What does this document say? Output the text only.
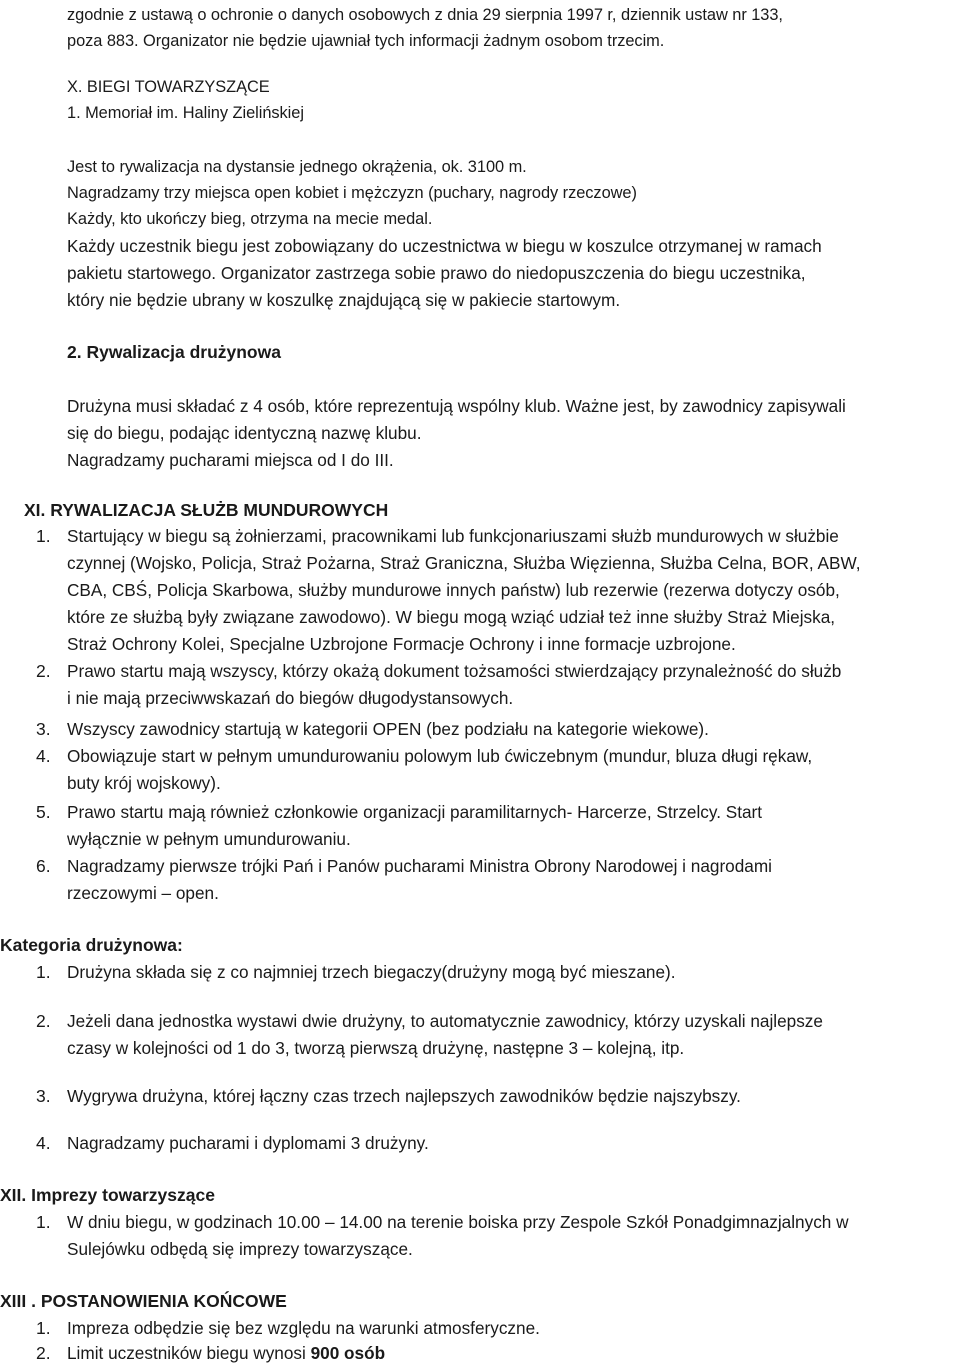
zgodnie z ustawą o ochronie o danych osobowych z dnia 29 sierpnia 1997 r, dziennik ustaw nr 133,
poza 883. Organizator nie będzie ujawniał tych informacji żadnym osobom trzecim.
X. BIEGI TOWARZYSZĄCE
1. Memoriał im. Haliny Zielińskiej
Jest to rywalizacja na dystansie jednego okrążenia, ok. 3100 m.
Nagradzamy trzy miejsca open kobiet i mężczyzn (puchary, nagrody rzeczowe)
Każdy, kto ukończy bieg, otrzyma na mecie medal.
Każdy uczestnik biegu jest zobowiązany do uczestnictwa w biegu w koszulce otrzymanej w ramach
pakietu startowego. Organizator zastrzega sobie prawo do niedopuszczenia do biegu uczestnika,
który nie będzie ubrany w koszulkę znajdującą się w pakiecie startowym.
2. Rywalizacja drużynowa
Drużyna musi składać z 4 osób, które reprezentują wspólny klub. Ważne jest, by zawodnicy zapisywali
się do biegu, podając identyczną nazwę klubu.
Nagradzamy pucharami miejsca od I do III.
XI. RYWALIZACJA SŁUŻB MUNDUROWYCH
1. Startujący w biegu są żołnierzami, pracownikami lub funkcjonariuszami służb mundurowych w służbie
czynnej (Wojsko, Policja, Straż Pożarna, Straż Graniczna, Służba Więzienna, Służba Celna, BOR, ABW,
CBA, CBŚ, Policja Skarbowa, służby mundurowe innych państw) lub rezerwie (rezerwa dotyczy osób,
które ze służbą były związane zawodowo). W biegu mogą wziąć udział też inne służby Straż Miejska,
Straż Ochrony Kolei, Specjalne Uzbrojone Formacje Ochrony i inne formacje uzbrojone.
2. Prawo startu mają wszyscy, którzy okażą dokument tożsamości stwierdzający przynależność do służb
i nie mają przeciwwskazań do biegów długodystansowych.
3. Wszyscy zawodnicy startują w kategorii OPEN (bez podziału na kategorie wiekowe).
4. Obowiązuje start w pełnym umundurowaniu polowym lub ćwiczebnym (mundur, bluza długi rękaw,
buty krój wojskowy).
5. Prawo startu mają również członkowie organizacji paramilitarnych- Harcerze, Strzelcy. Start
wyłącznie w pełnym umundurowaniu.
6. Nagradzamy pierwsze trójki Pań i Panów pucharami Ministra Obrony Narodowej i nagrodami
rzeczowymi – open.
Kategoria drużynowa:
1. Drużyna składa się z co najmniej trzech biegaczy(drużyny mogą być mieszane).
2. Jeżeli dana jednostka wystawi dwie drużyny, to automatycznie zawodnicy, którzy uzyskali najlepsze
czasy w kolejności od 1 do 3, tworzą pierwszą drużynę, następne 3 – kolejną, itp.
3. Wygrywa drużyna, której łączny czas trzech najlepszych zawodników będzie najszybszy.
4. Nagradzamy pucharami i dyplomami 3 drużyny.
XII. Imprezy towarzyszące
1. W dniu biegu, w godzinach 10.00 – 14.00 na terenie boiska przy Zespole Szkół Ponadgimnazjalnych w
Sulejówku odbędą się imprezy towarzyszące.
XIII . POSTANOWIENIA KOŃCOWE
1. Impreza odbędzie się bez względu na warunki atmosferyczne.
2. Limit uczestników biegu wynosi 900 osób
